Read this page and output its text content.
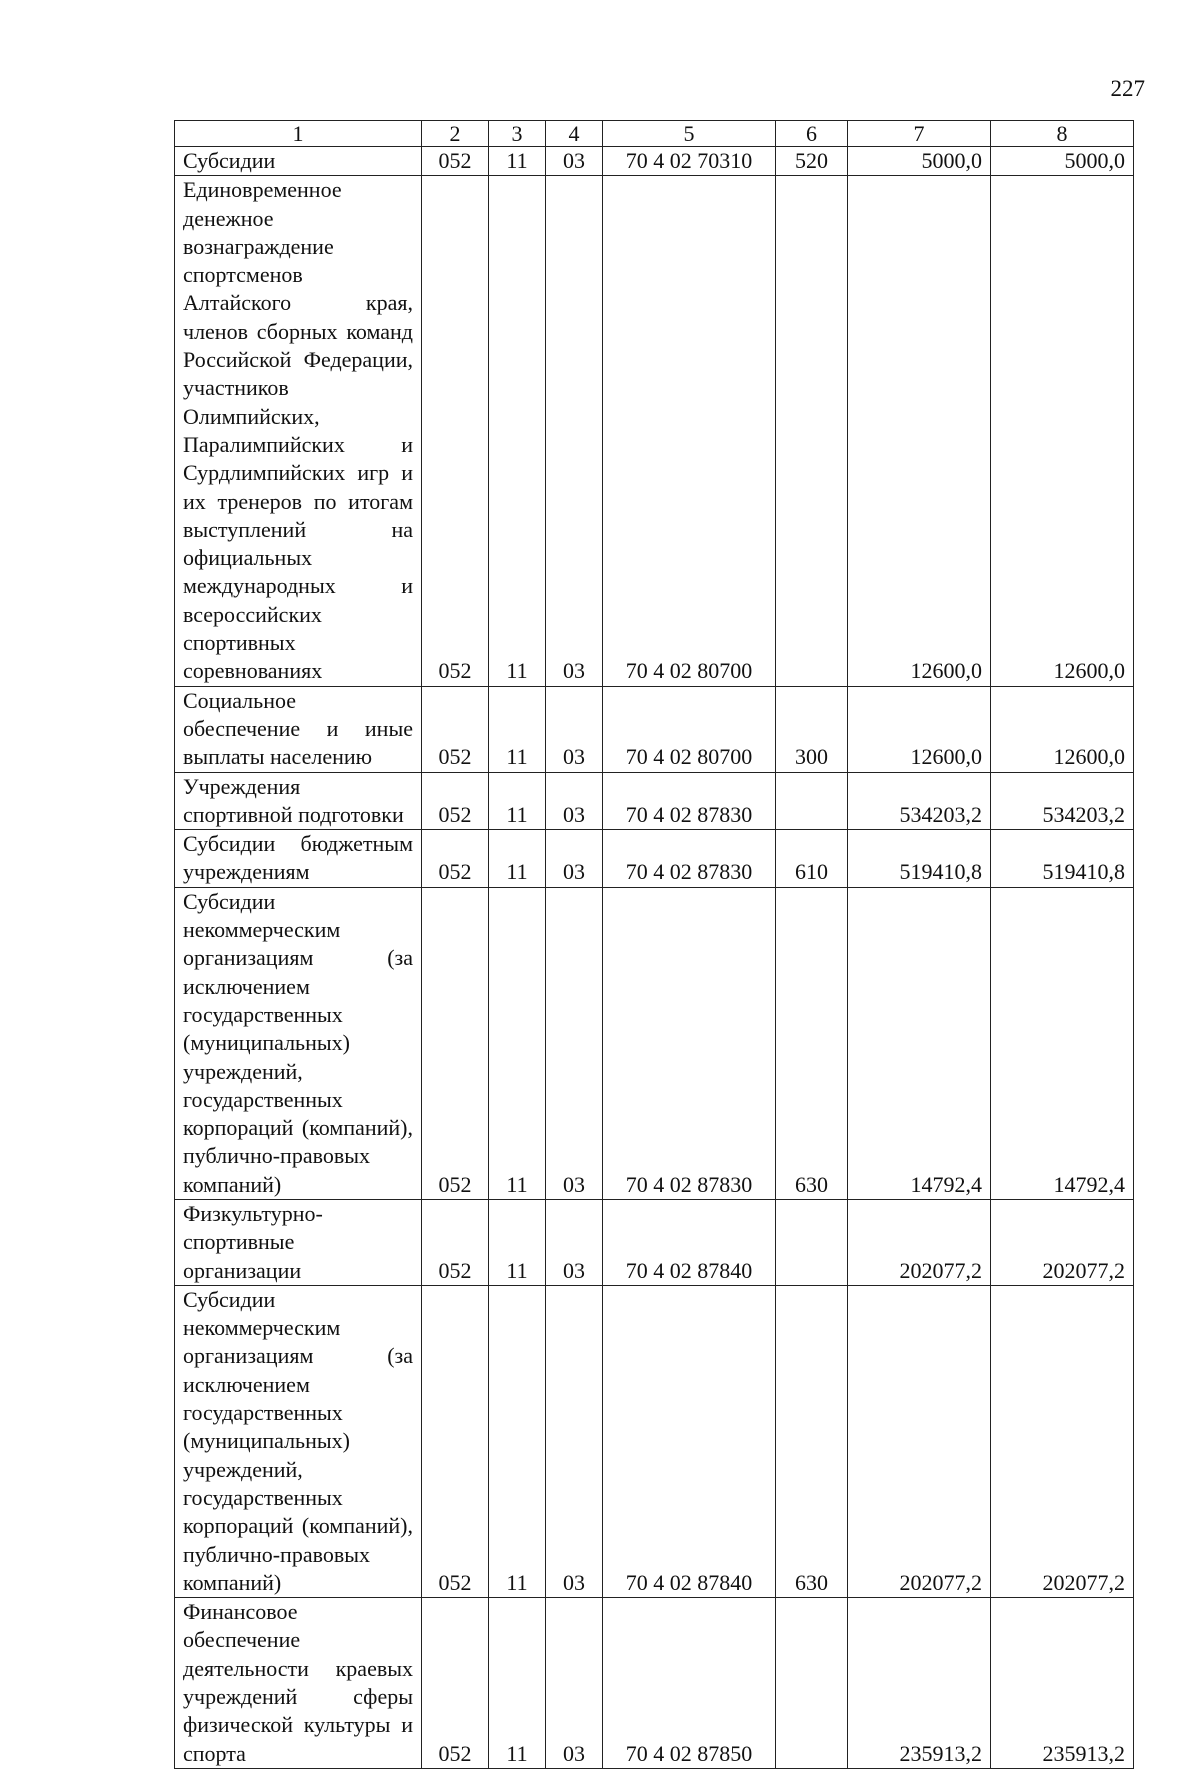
227
1	2	3	4	5	6	7	8
Субсидии	052	11	03	70 4 02 70310	520	5000,0	5000,0
Единовременное денежное вознаграждение спортсменов Алтайского края, членов сборных команд Российской Федерации, участников Олимпийских, Паралимпийских и Сурдлимпийских игр и их тренеров по итогам выступлений на официальных международных и всероссийских спортивных соревнованиях	052	11	03	70 4 02 80700		12600,0	12600,0
Социальное обеспечение и иные выплаты населению	052	11	03	70 4 02 80700	300	12600,0	12600,0
Учреждения спортивной подготовки	052	11	03	70 4 02 87830		534203,2	534203,2
Субсидии бюджетным учреждениям	052	11	03	70 4 02 87830	610	519410,8	519410,8
Субсидии некоммерческим организациям (за исключением государственных (муниципальных) учреждений, государственных корпораций (компаний), публично-правовых компаний)	052	11	03	70 4 02 87830	630	14792,4	14792,4
Физкультурно-спортивные организации	052	11	03	70 4 02 87840		202077,2	202077,2
Субсидии некоммерческим организациям (за исключением государственных (муниципальных) учреждений, государственных корпораций (компаний), публично-правовых компаний)	052	11	03	70 4 02 87840	630	202077,2	202077,2
Финансовое обеспечение деятельности краевых учреждений сферы физической культуры и спорта	052	11	03	70 4 02 87850		235913,2	235913,2
